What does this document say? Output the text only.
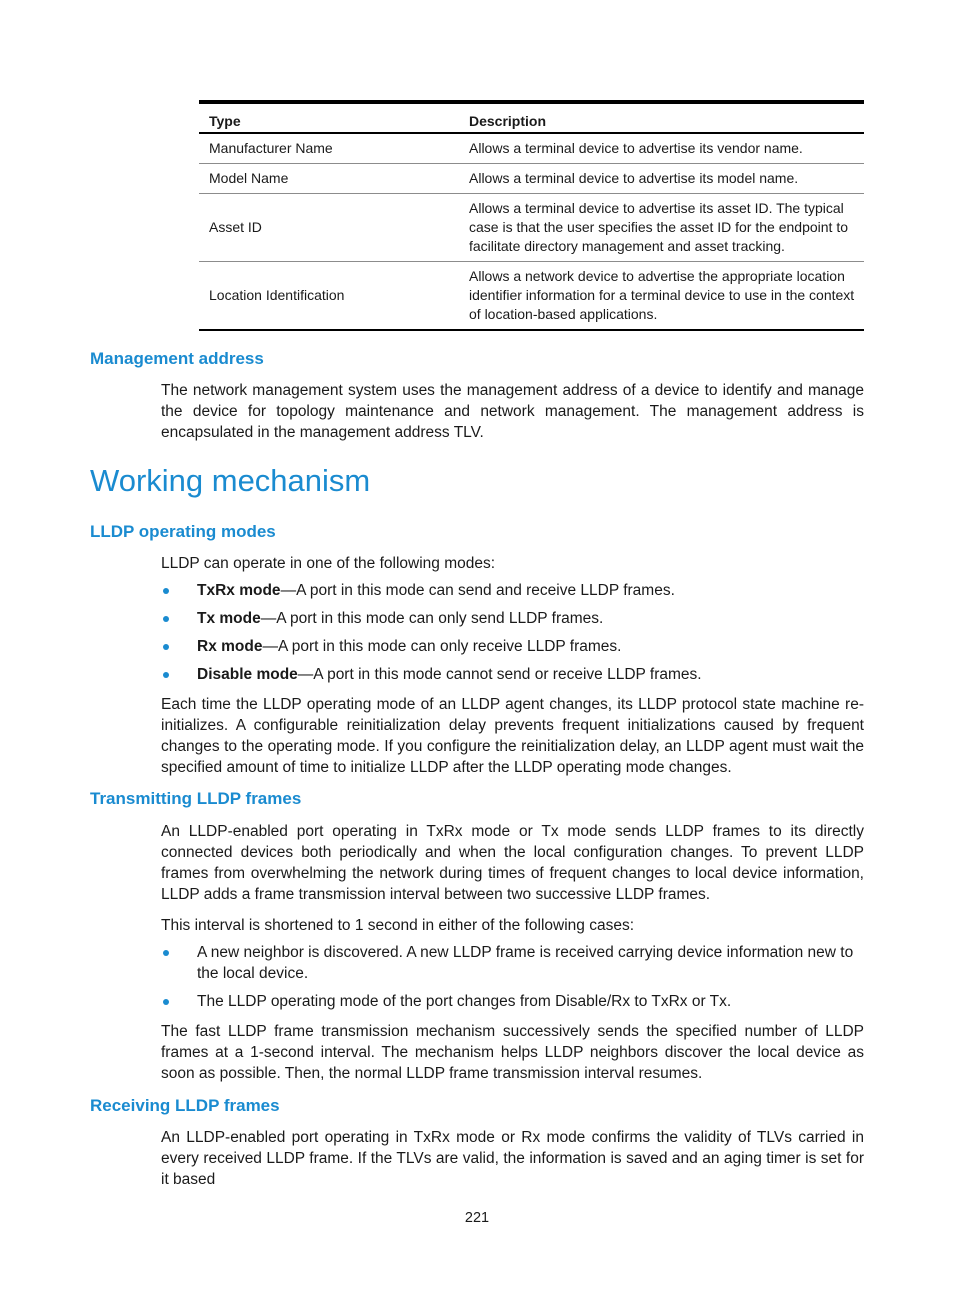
Type	Description
Manufacturer Name	Allows a terminal device to advertise its vendor name.
Model Name	Allows a terminal device to advertise its model name.
Asset ID	Allows a terminal device to advertise its asset ID. The typical case is that the user specifies the asset ID for the endpoint to facilitate directory management and asset tracking.
Location Identification	Allows a network device to advertise the appropriate location identifier information for a terminal device to use in the context of location-based applications.
Management address

The network management system uses the management address of a device to identify and manage the device for topology maintenance and network management. The management address is encapsulated in the management address TLV.

Working mechanism
LLDP operating modes

LLDP can operate in one of the following modes:

TxRx mode—A port in this mode can send and receive LLDP frames.
Tx mode—A port in this mode can only send LLDP frames.
Rx mode—A port in this mode can only receive LLDP frames.
Disable mode—A port in this mode cannot send or receive LLDP frames.

Each time the LLDP operating mode of an LLDP agent changes, its LLDP protocol state machine re-initializes. A configurable reinitialization delay prevents frequent initializations caused by frequent changes to the operating mode. If you configure the reinitialization delay, an LLDP agent must wait the specified amount of time to initialize LLDP after the LLDP operating mode changes.

Transmitting LLDP frames

An LLDP-enabled port operating in TxRx mode or Tx mode sends LLDP frames to its directly connected devices both periodically and when the local configuration changes. To prevent LLDP frames from overwhelming the network during times of frequent changes to local device information, LLDP adds a frame transmission interval between two successive LLDP frames.

This interval is shortened to 1 second in either of the following cases:

A new neighbor is discovered. A new LLDP frame is received carrying device information new to the local device.
The LLDP operating mode of the port changes from Disable/Rx to TxRx or Tx.

The fast LLDP frame transmission mechanism successively sends the specified number of LLDP frames at a 1-second interval. The mechanism helps LLDP neighbors discover the local device as soon as possible. Then, the normal LLDP frame transmission interval resumes.

Receiving LLDP frames

An LLDP-enabled port operating in TxRx mode or Rx mode confirms the validity of TLVs carried in every received LLDP frame. If the TLVs are valid, the information is saved and an aging timer is set for it based

221
